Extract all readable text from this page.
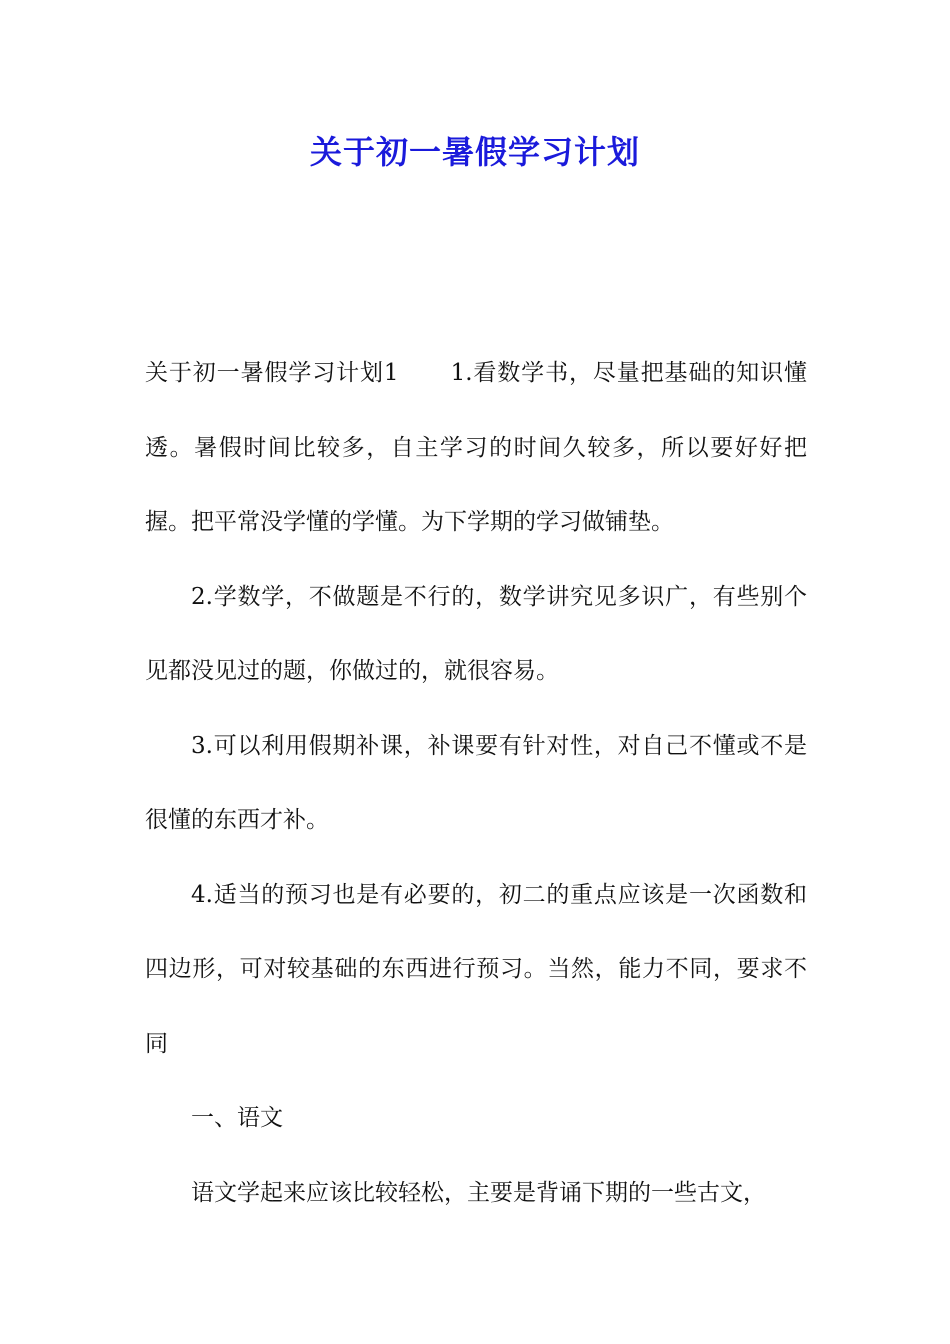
关于初一暑假学习计划

关于初一暑假学习计划1 1.看数学书，尽量把基础的知识懂透。暑假时间比较多，自主学习的时间久较多，所以要好好把握。把平常没学懂的学懂。为下学期的学习做铺垫。

2.学数学，不做题是不行的，数学讲究见多识广，有些别个见都没见过的题，你做过的，就很容易。

3.可以利用假期补课，补课要有针对性，对自己不懂或不是很懂的东西才补。

4.适当的预习也是有必要的，初二的重点应该是一次函数和四边形，可对较基础的东西进行预习。当然，能力不同，要求不同

一、语文

语文学起来应该比较轻松，主要是背诵下期的一些古文，
